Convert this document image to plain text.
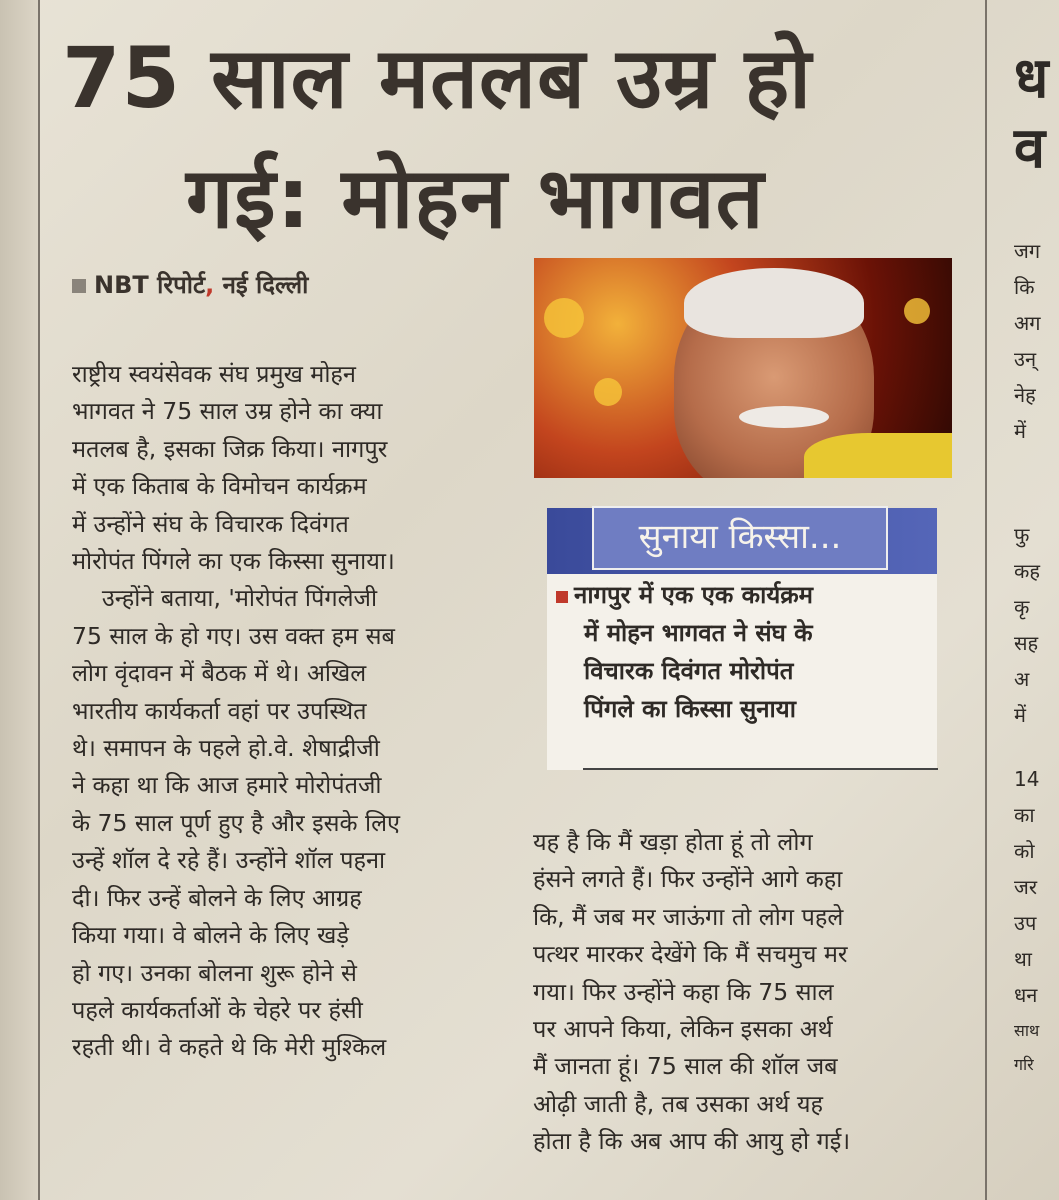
75 साल मतलब उम्र हो
गई: मोहन भागवत
NBT रिपोर्ट, नई दिल्ली
राष्ट्रीय स्वयंसेवक संघ प्रमुख मोहन
भागवत ने 75 साल उम्र होने का क्या
मतलब है, इसका जिक्र किया। नागपुर
में एक किताब के विमोचन कार्यक्रम
में उन्होंने संघ के विचारक दिवंगत
मोरोपंत पिंगले का एक किस्सा सुनाया।
उन्होंने बताया, 'मोरोपंत पिंगलेजी
75 साल के हो गए। उस वक्त हम सब
लोग वृंदावन में बैठक में थे। अखिल
भारतीय कार्यकर्ता वहां पर उपस्थित
थे। समापन के पहले हो.वे. शेषाद्रीजी
ने कहा था कि आज हमारे मोरोपंतजी
के 75 साल पूर्ण हुए है और इसके लिए
उन्हें शॉल दे रहे हैं। उन्होंने शॉल पहना
दी। फिर उन्हें बोलने के लिए आग्रह
किया गया। वे बोलने के लिए खड़े
हो गए। उनका बोलना शुरू होने से
पहले कार्यकर्ताओं के चेहरे पर हंसी
रहती थी। वे कहते थे कि मेरी मुश्किल
सुनाया किस्सा...
नागपुर में एक एक कार्यक्रम
में मोहन भागवत ने संघ के
विचारक दिवंगत मोरोपंत
पिंगले का किस्सा सुनाया
यह है कि मैं खड़ा होता हूं तो लोग
हंसने लगते हैं। फिर उन्होंने आगे कहा
कि, मैं जब मर जाऊंगा तो लोग पहले
पत्थर मारकर देखेंगे कि मैं सचमुच मर
गया। फिर उन्होंने कहा कि 75 साल
पर आपने किया, लेकिन इसका अर्थ
मैं जानता हूं। 75 साल की शॉल जब
ओढ़ी जाती है, तब उसका अर्थ यह
होता है कि अब आप की आयु हो गई।
ध
व
जग
कि
अग
उन्
नेह
में
फु
कह
कृ
सह
अ
में
14
का
को
जर
उप
था
धन
साथ
गरि
